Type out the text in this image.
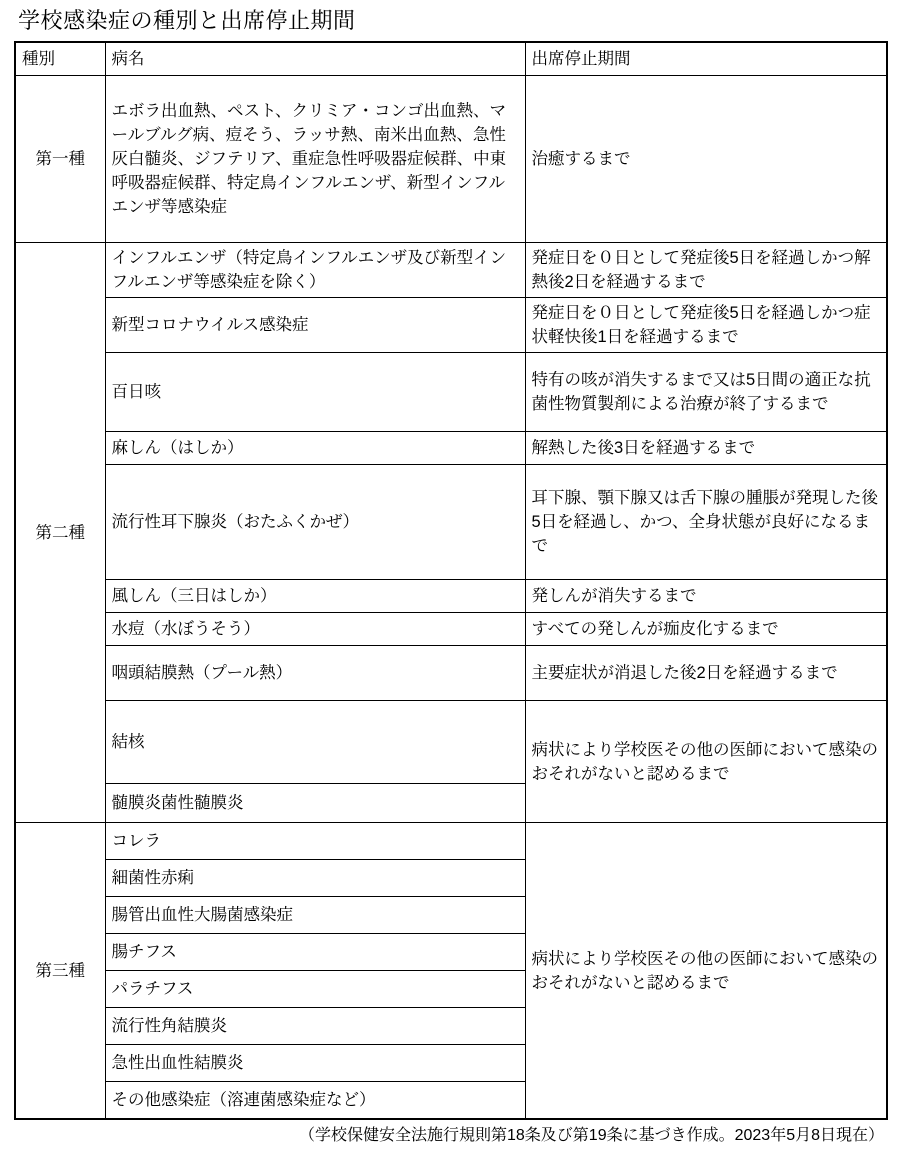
学校感染症の種別と出席停止期間
種別	病名	出席停止期間
第一種	エボラ出血熱、ペスト、クリミア・コンゴ出血熱、マールブルグ病、痘そう、ラッサ熱、南米出血熱、急性灰白髄炎、ジフテリア、重症急性呼吸器症候群、中東呼吸器症候群、特定鳥インフルエンザ、新型インフルエンザ等感染症	治癒するまで
第二種	インフルエンザ（特定鳥インフルエンザ及び新型インフルエンザ等感染症を除く）	発症日を０日として発症後5日を経過しかつ解熱後2日を経過するまで
	新型コロナウイルス感染症	発症日を０日として発症後5日を経過しかつ症状軽快後1日を経過するまで
	百日咳	特有の咳が消失するまで又は5日間の適正な抗菌性物質製剤による治療が終了するまで
	麻しん（はしか）	解熱した後3日を経過するまで
	流行性耳下腺炎（おたふくかぜ）	耳下腺、顎下腺又は舌下腺の腫脹が発現した後5日を経過し、かつ、全身状態が良好になるまで
	風しん（三日はしか）	発しんが消失するまで
	水痘（水ぼうそう）	すべての発しんが痂皮化するまで
	咽頭結膜熱（プール熱）	主要症状が消退した後2日を経過するまで
	結核	病状により学校医その他の医師において感染のおそれがないと認めるまで
	髄膜炎菌性髄膜炎	
第三種	コレラ	病状により学校医その他の医師において感染のおそれがないと認めるまで
	細菌性赤痢	
	腸管出血性大腸菌感染症	
	腸チフス	
	パラチフス	
	流行性角結膜炎	
	急性出血性結膜炎	
	その他感染症（溶連菌感染症など）	
（学校保健安全法施行規則第18条及び第19条に基づき作成。2023年5月8日現在）
